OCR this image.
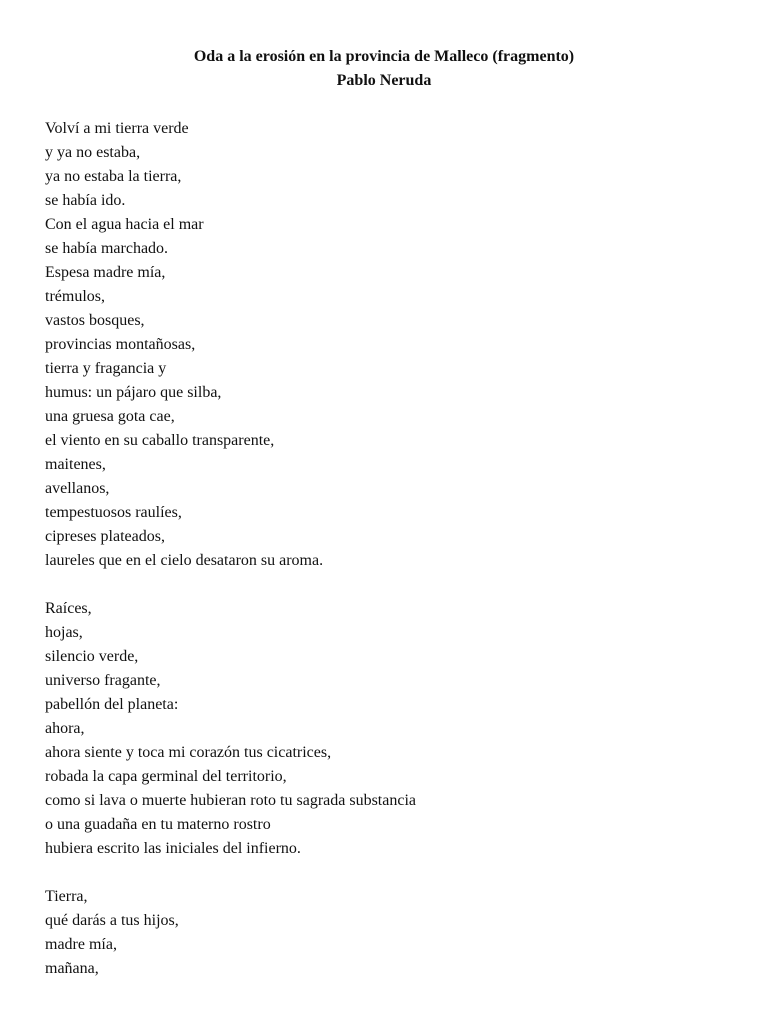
Oda a la erosión en la provincia de Malleco (fragmento)
Pablo Neruda
Volví a mi tierra verde
y ya no estaba,
ya no estaba la tierra,
se había ido.
Con el agua hacia el mar
se había marchado.
Espesa madre mía,
trémulos,
vastos bosques,
provincias montañosas,
tierra y fragancia y
humus: un pájaro que silba,
una gruesa gota cae,
el viento en su caballo transparente,
maitenes,
avellanos,
tempestuosos raulíes,
cipreses plateados,
laureles que en el cielo desataron su aroma.
Raíces,
hojas,
silencio verde,
universo fragante,
pabellón del planeta:
ahora,
ahora siente y toca mi corazón tus cicatrices,
robada la capa germinal del territorio,
como si lava o muerte hubieran roto tu sagrada substancia
o una guadaña en tu materno rostro
hubiera escrito las iniciales del infierno.
Tierra,
qué darás a tus hijos,
madre mía,
mañana,
